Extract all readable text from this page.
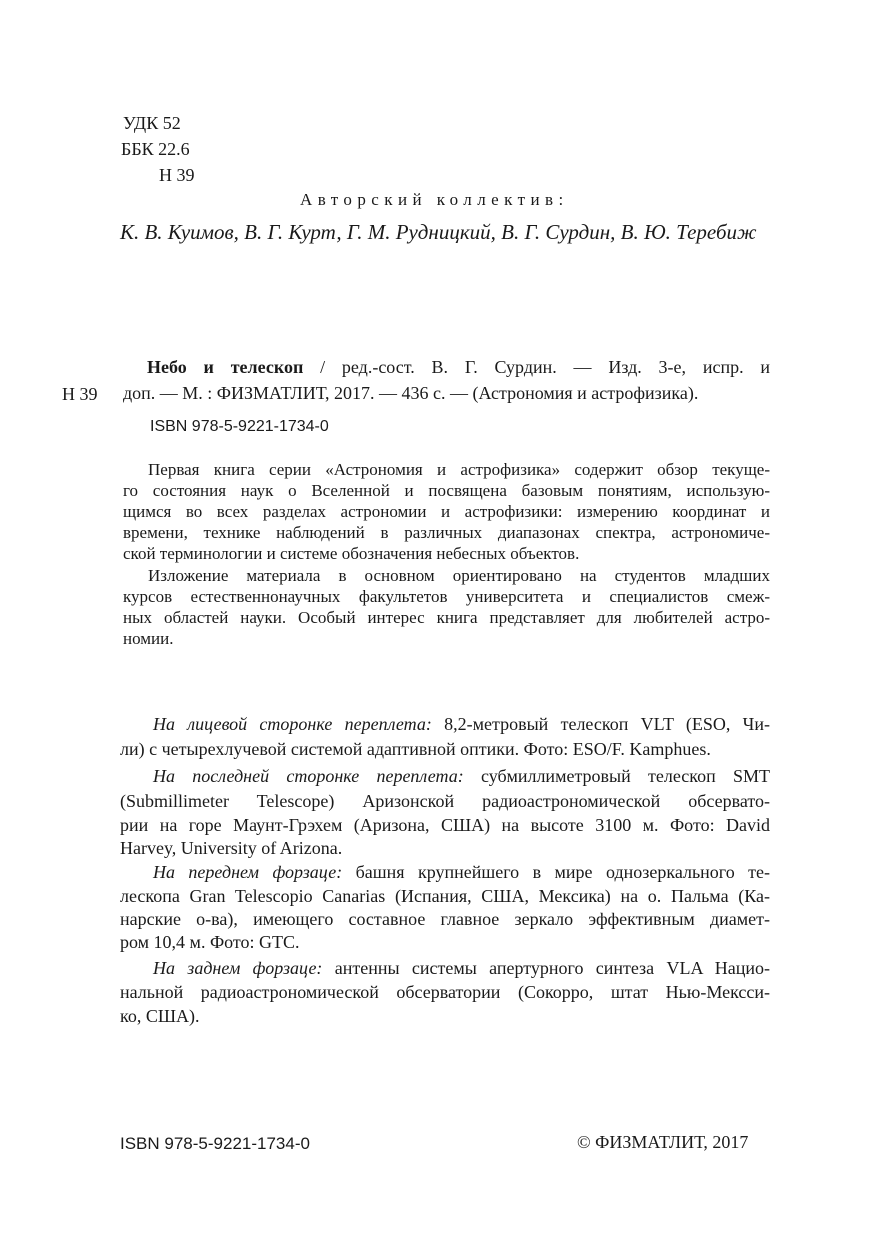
УДК 52
ББК 22.6
Н 39
Авторский коллектив:
К. В. Куимов, В. Г. Курт, Г. М. Рудницкий, В. Г. Сурдин, В. Ю. Теребиж
Н 39
Небо и телескоп / ред.-сост. В. Г. Сурдин. — Изд. 3-е, испр. и
доп. — М. : ФИЗМАТЛИТ, 2017. — 436 с. — (Астрономия и астрофизика).
ISBN 978-5-9221-1734-0
Первая книга серии «Астрономия и астрофизика» содержит обзор текуще-
го состояния наук о Вселенной и посвящена базовым понятиям, использую-
щимся во всех разделах астрономии и астрофизики: измерению координат и
времени, технике наблюдений в различных диапазонах спектра, астрономиче-
ской терминологии и системе обозначения небесных объектов.
Изложение материала в основном ориентировано на студентов младших
курсов естественнонаучных факультетов университета и специалистов смеж-
ных областей науки. Особый интерес книга представляет для любителей астро-
номии.
На лицевой сторонке переплета: 8,2-метровый телескоп VLT (ESO, Чи-
ли) с четырехлучевой системой адаптивной оптики. Фото: ESO/F. Kamphues.
На последней сторонке переплета: субмиллиметровый телескоп SMT
(Submillimeter Telescope) Аризонской радиоастрономической обсервато-
рии на горе Маунт-Грэхем (Аризона, США) на высоте 3100 м. Фото: David
Harvey, University of Arizona.
На переднем форзаце: башня крупнейшего в мире однозеркального те-
лескопа Gran Telescopio Canarias (Испания, США, Мексика) на о. Пальма (Ка-
нарские о-ва), имеющего составное главное зеркало эффективным диамет-
ром 10,4 м. Фото: GTC.
На заднем форзаце: антенны системы апертурного синтеза VLA Нацио-
нальной радиоастрономической обсерватории (Сокорро, штат Нью-Мексси-
ко, США).
ISBN 978-5-9221-1734-0	© ФИЗМАТЛИТ, 2017
